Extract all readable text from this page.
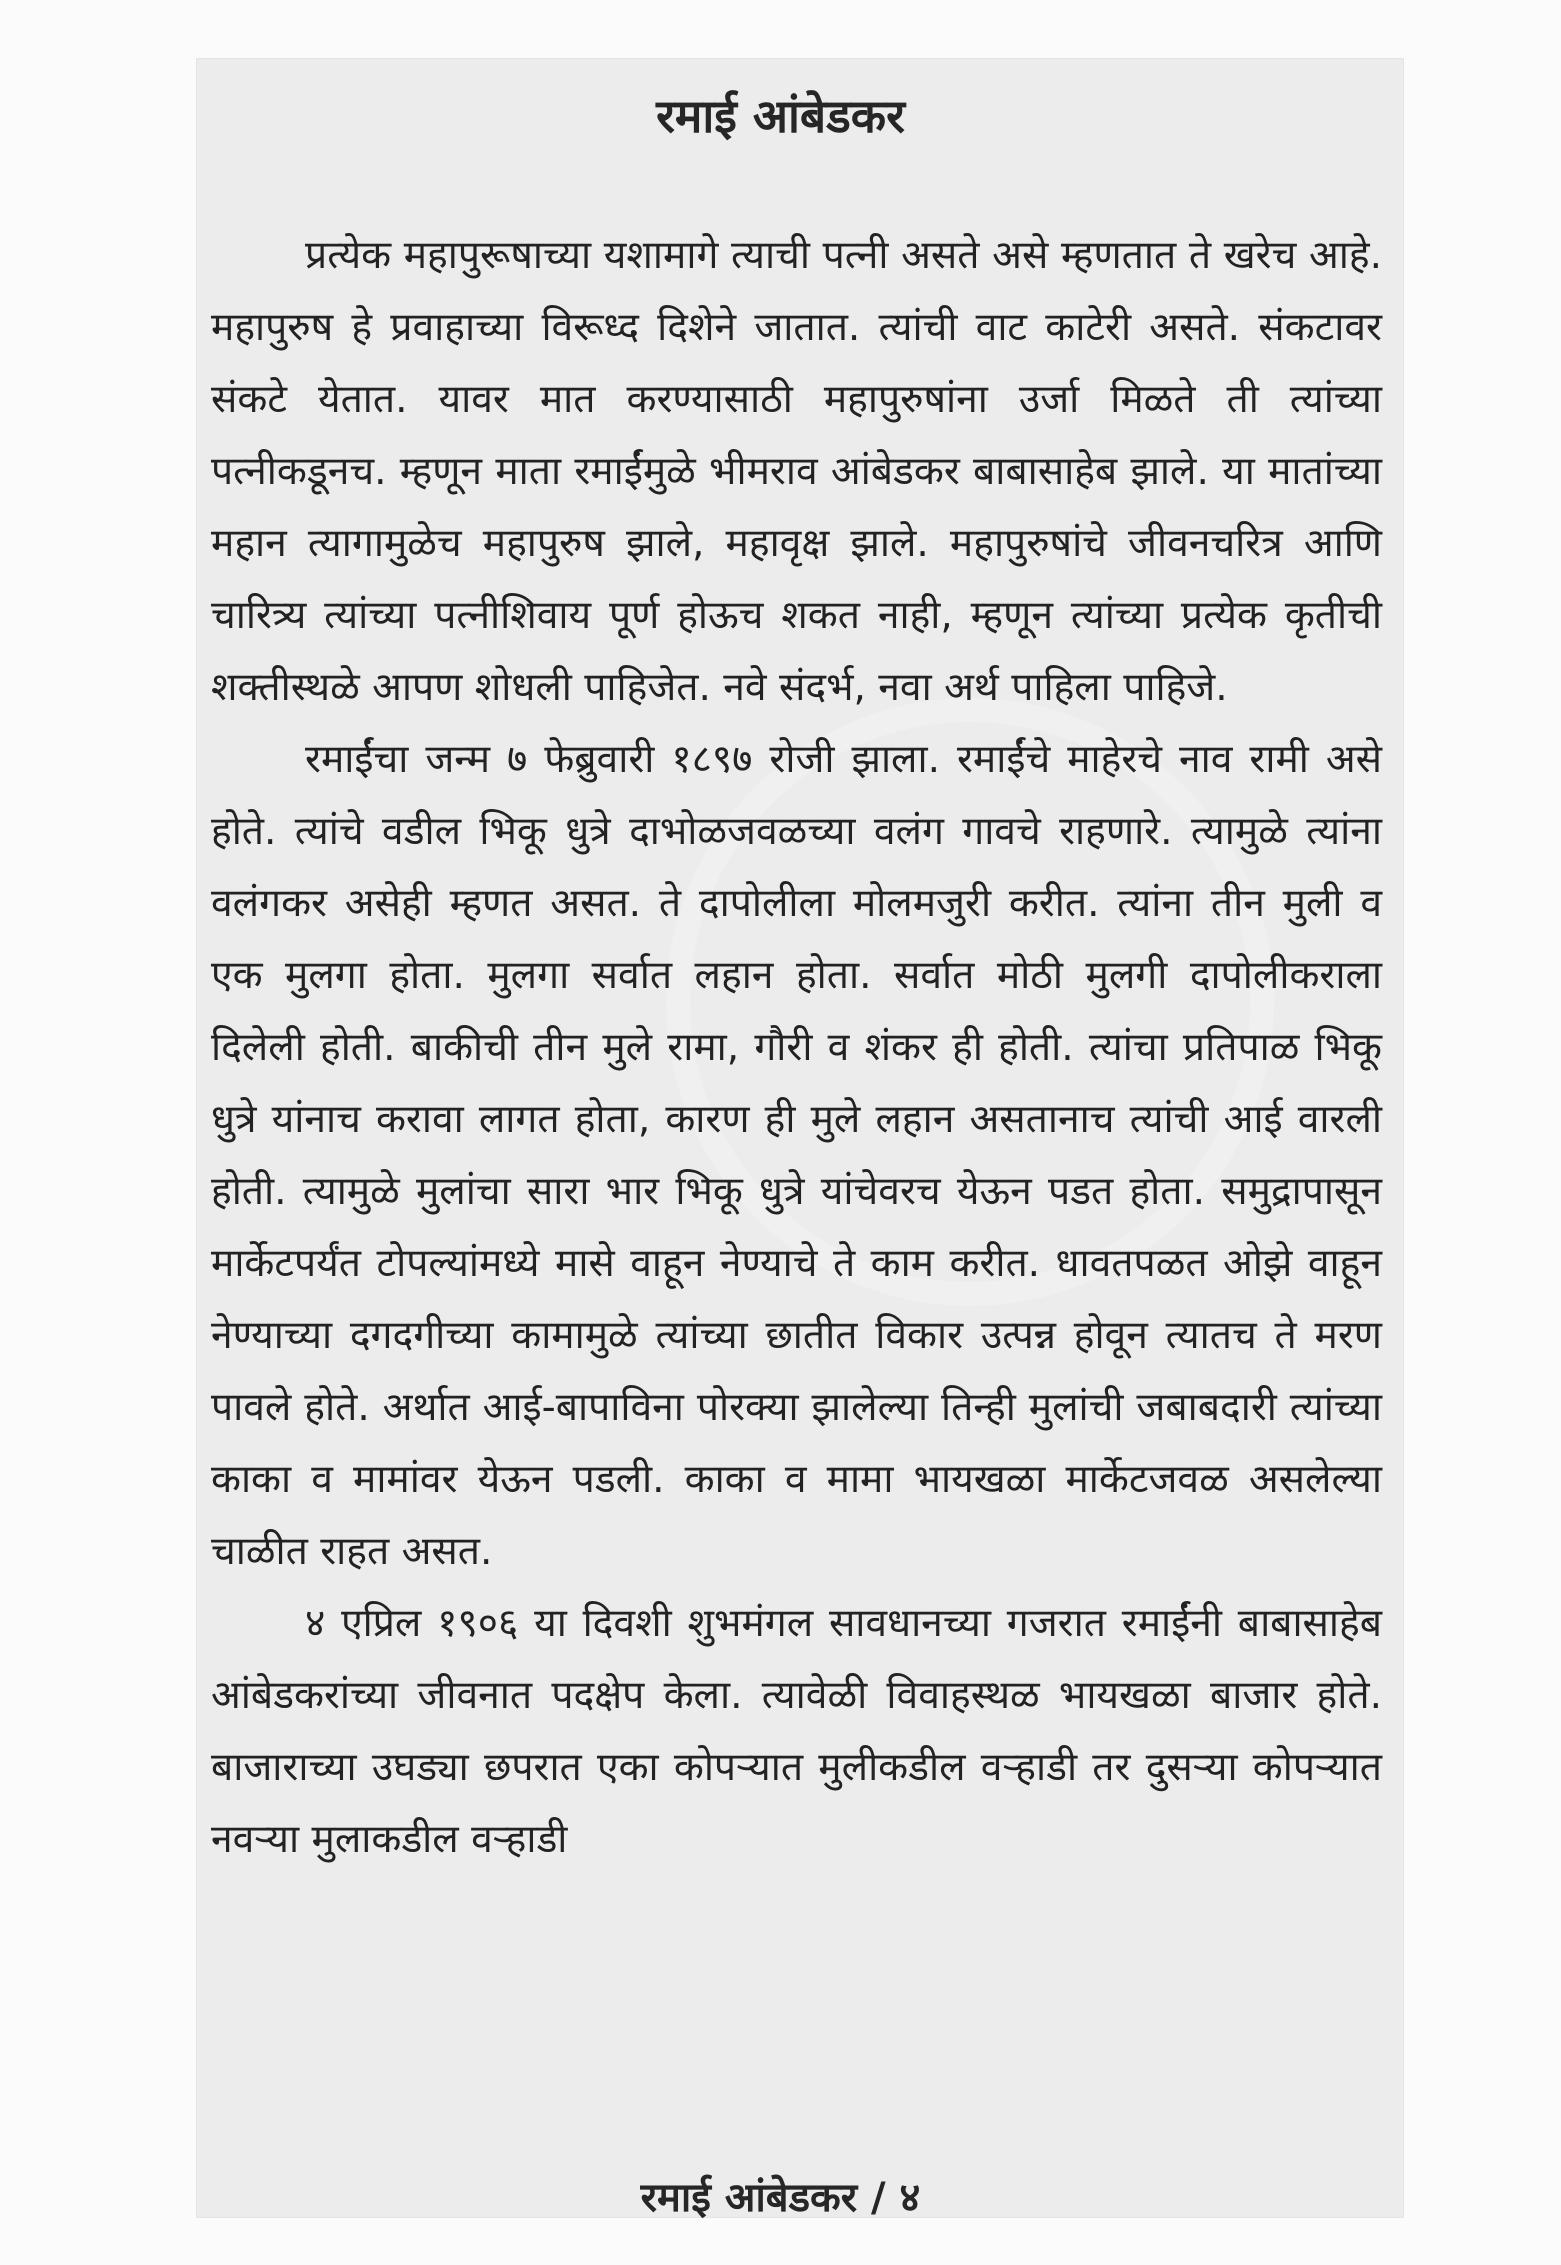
रमाई आंबेडकर

प्रत्येक महापुरूषाच्या यशामागे त्याची पत्नी असते असे म्हणतात ते खरेच आहे. महापुरुष हे प्रवाहाच्या विरूध्द दिशेने जातात. त्यांची वाट काटेरी असते. संकटावर संकटे येतात. यावर मात करण्यासाठी महापुरुषांना उर्जा मिळते ती त्यांच्या पत्नीकडूनच. म्हणून माता रमाईंमुळे भीमराव आंबेडकर बाबासाहेब झाले. या मातांच्या महान त्यागामुळेच महापुरुष झाले, महावृक्ष झाले. महापुरुषांचे जीवनचरित्र आणि चारित्र्य त्यांच्या पत्नीशिवाय पूर्ण होऊच शकत नाही, म्हणून त्यांच्या प्रत्येक कृतीची शक्तीस्थळे आपण शोधली पाहिजेत. नवे संदर्भ, नवा अर्थ पाहिला पाहिजे.

रमाईंचा जन्म ७ फेब्रुवारी १८९७ रोजी झाला. रमाईंचे माहेरचे नाव रामी असे होते. त्यांचे वडील भिकू धुत्रे दाभोळजवळच्या वलंग गावचे राहणारे. त्यामुळे त्यांना वलंगकर असेही म्हणत असत. ते दापोलीला मोलमजुरी करीत. त्यांना तीन मुली व एक मुलगा होता. मुलगा सर्वात लहान होता. सर्वात मोठी मुलगी दापोलीकराला दिलेली होती. बाकीची तीन मुले रामा, गौरी व शंकर ही होती. त्यांचा प्रतिपाळ भिकू धुत्रे यांनाच करावा लागत होता, कारण ही मुले लहान असतानाच त्यांची आई वारली होती. त्यामुळे मुलांचा सारा भार भिकू धुत्रे यांचेवरच येऊन पडत होता. समुद्रापासून मार्केटपर्यंत टोपल्यांमध्ये मासे वाहून नेण्याचे ते काम करीत. धावतपळत ओझे वाहून नेण्याच्या दगदगीच्या कामामुळे त्यांच्या छातीत विकार उत्पन्न होवून त्यातच ते मरण पावले होते. अर्थात आई-बापाविना पोरक्या झालेल्या तिन्ही मुलांची जबाबदारी त्यांच्या काका व मामांवर येऊन पडली. काका व मामा भायखळा मार्केटजवळ असलेल्या चाळीत राहत असत.

४ एप्रिल १९०६ या दिवशी शुभमंगल सावधानच्या गजरात रमाईंनी बाबासाहेब आंबेडकरांच्या जीवनात पदक्षेप केला. त्यावेळी विवाहस्थळ भायखळा बाजार होते. बाजाराच्या उघड्या छपरात एका कोपऱ्यात मुलीकडील वऱ्हाडी तर दुसऱ्या कोपऱ्यात नवऱ्या मुलाकडील वऱ्हाडी

रमाई आंबेडकर / ४
